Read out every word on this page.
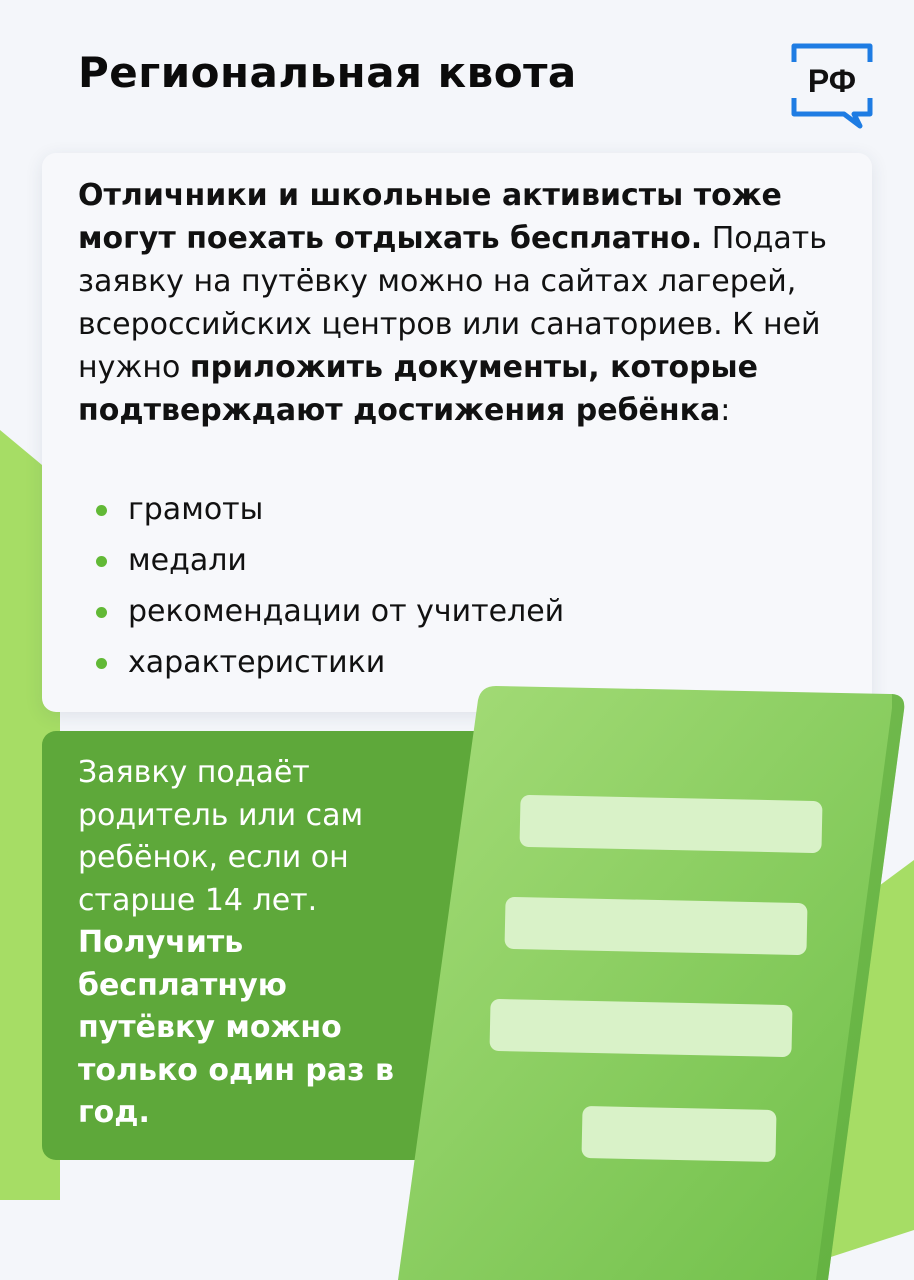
Региональная квота	РФ

Отличники и школьные активисты тоже могут поехать отдыхать бесплатно. Подать заявку на путёвку можно на сайтах лагерей, всероссийских центров или санаториев. К ней нужно приложить документы, которые подтверждают достижения ребёнка:

грамоты
медали
рекомендации от учителей
характеристики

Заявку подаёт родитель или сам ребёнок, если он старше 14 лет.
Получить бесплатную путёвку можно только один раз в год.
